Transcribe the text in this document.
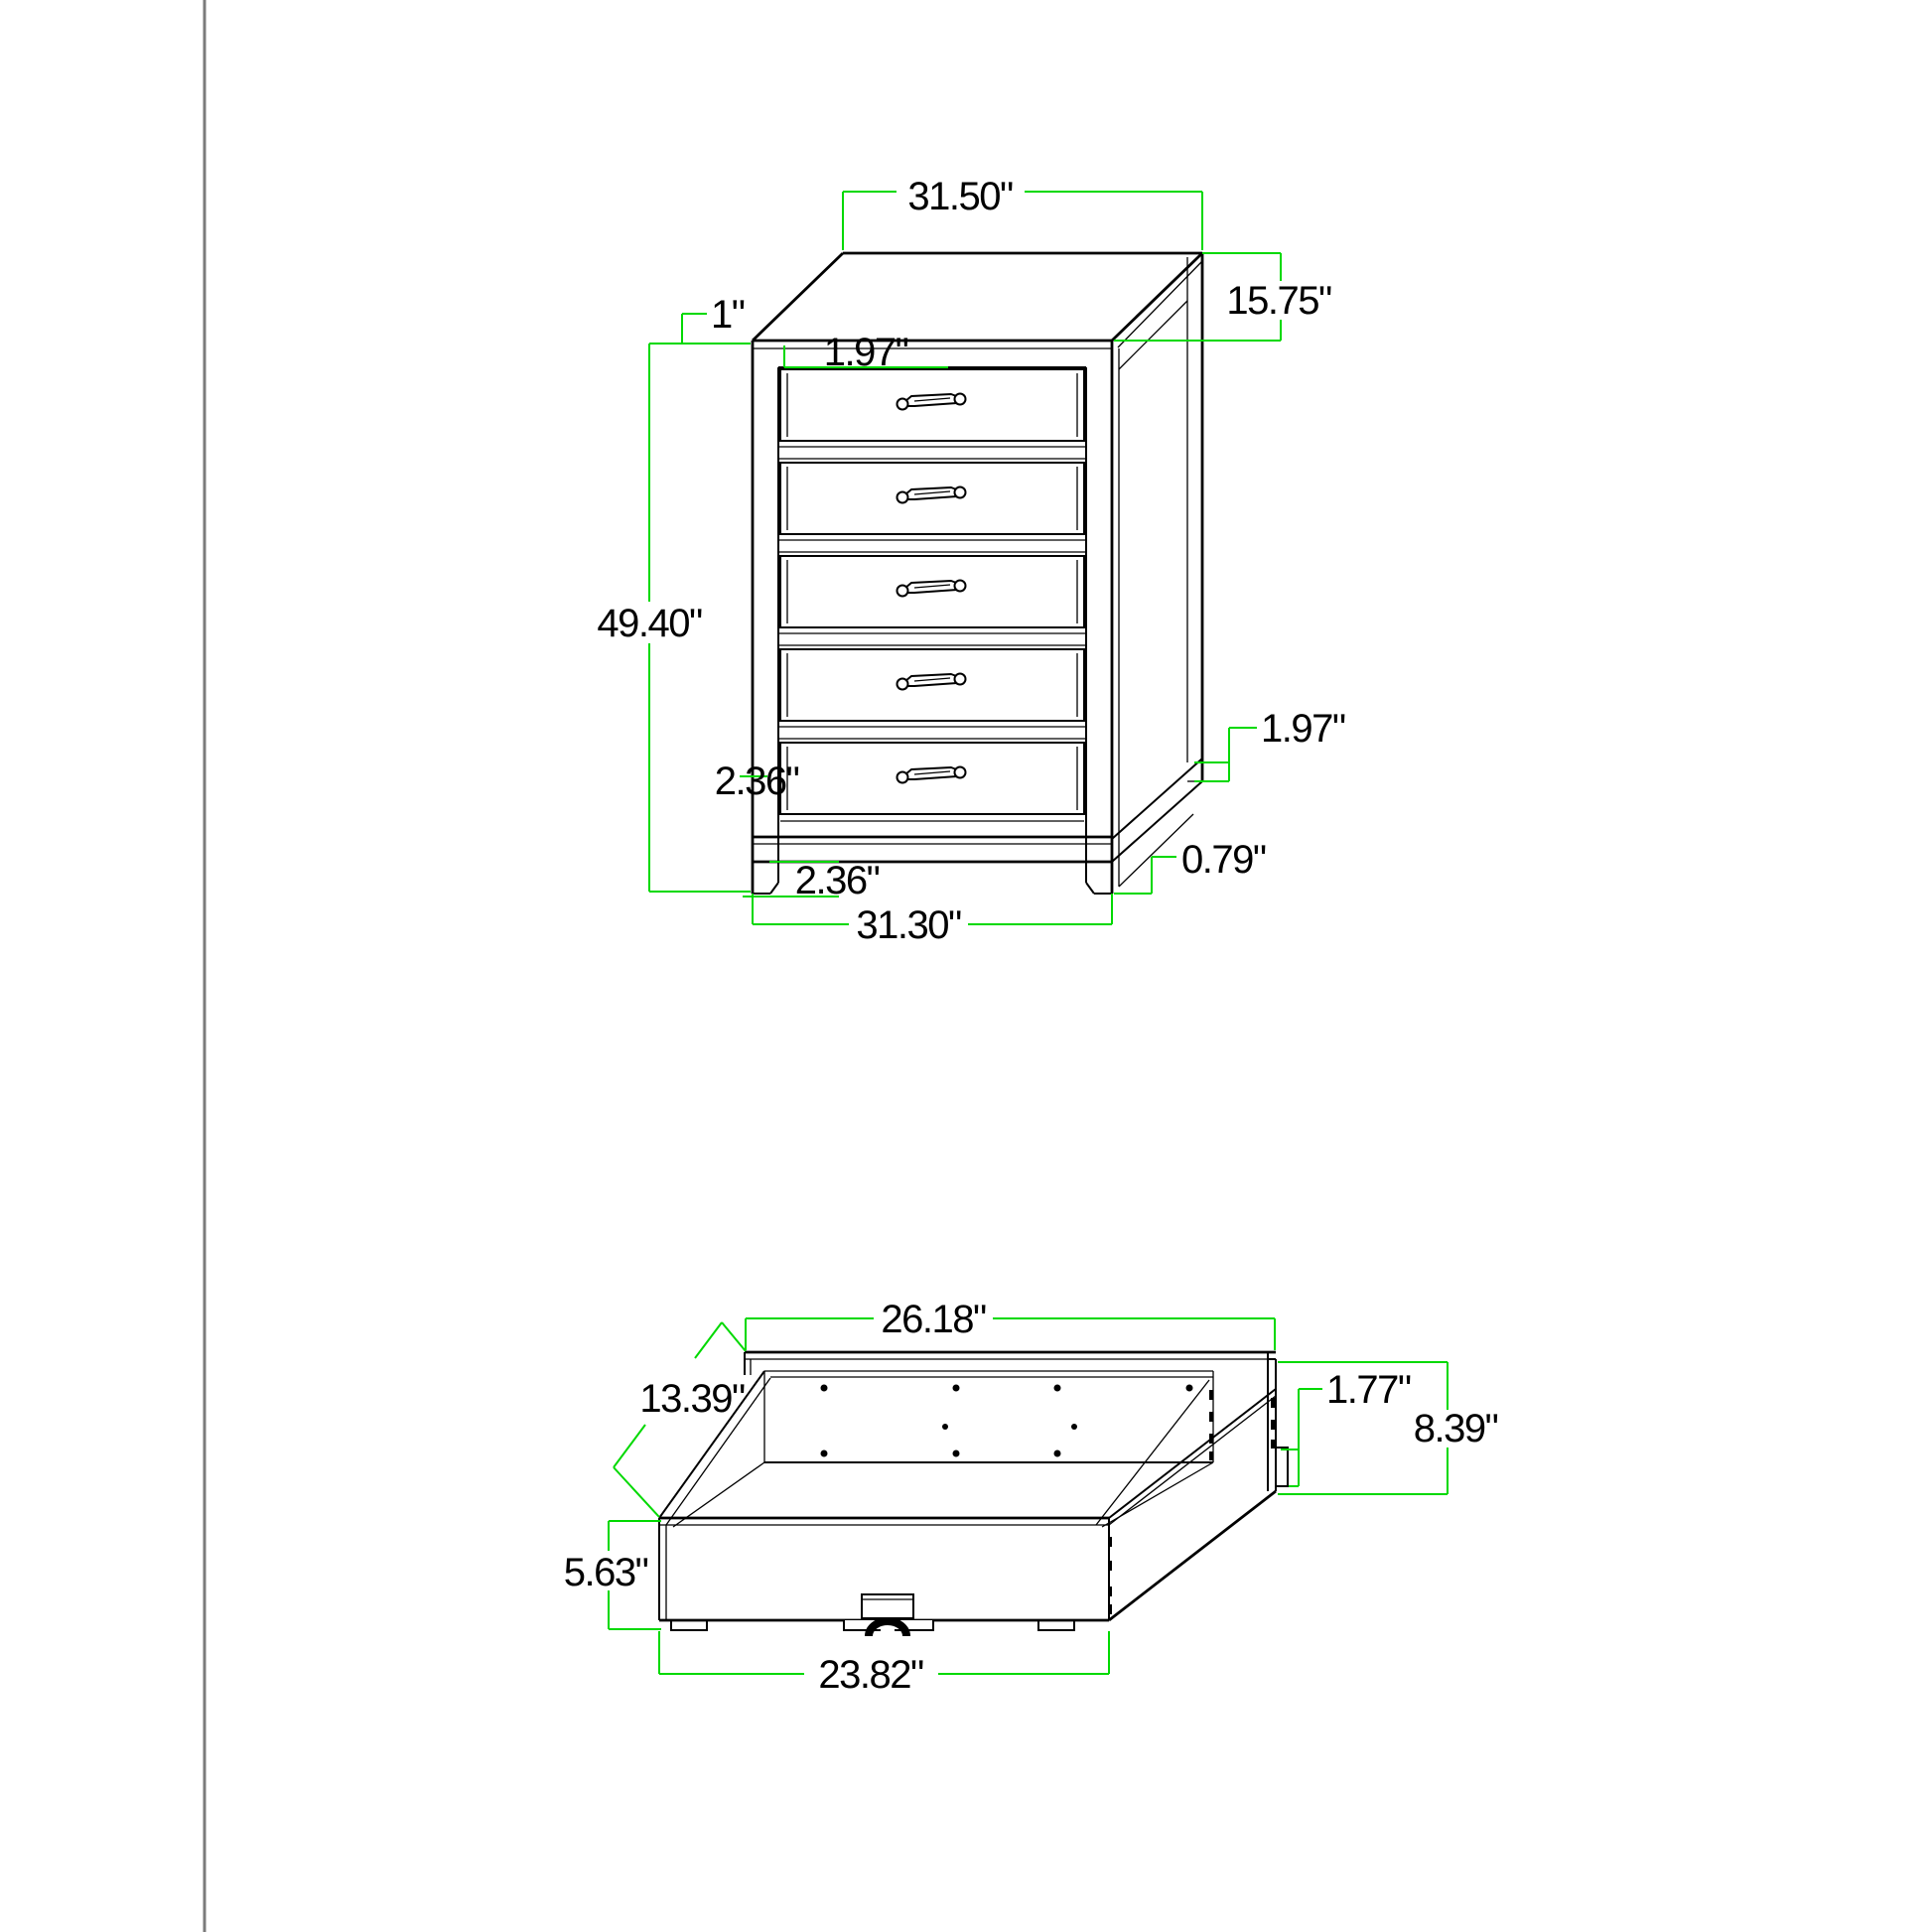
31.50"
15.75"
1"
1.97"
49.40"
2.36"
1.97"
0.79"
2.36"
31.30"
26.18"
13.39"	1.77"
8.39"
5.63"
23.82"
